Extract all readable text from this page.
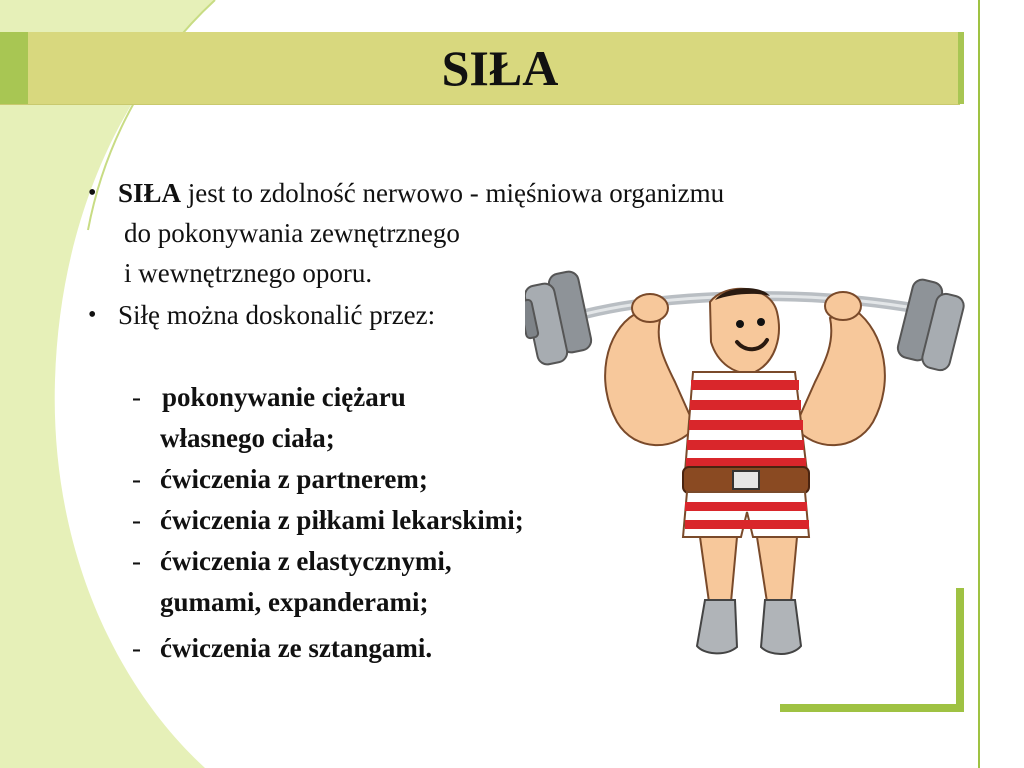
SIŁA
• SIŁA jest to zdolność nerwowo - mięśniowa organizmu
do pokonywania zewnętrznego
i wewnętrznego oporu.
• Siłę można doskonalić przez:
- pokonywanie ciężaru
własnego ciała;
- ćwiczenia z partnerem;
- ćwiczenia z piłkami lekarskimi;
- ćwiczenia z elastycznymi,
gumami, expanderami;
- ćwiczenia ze sztangami.
